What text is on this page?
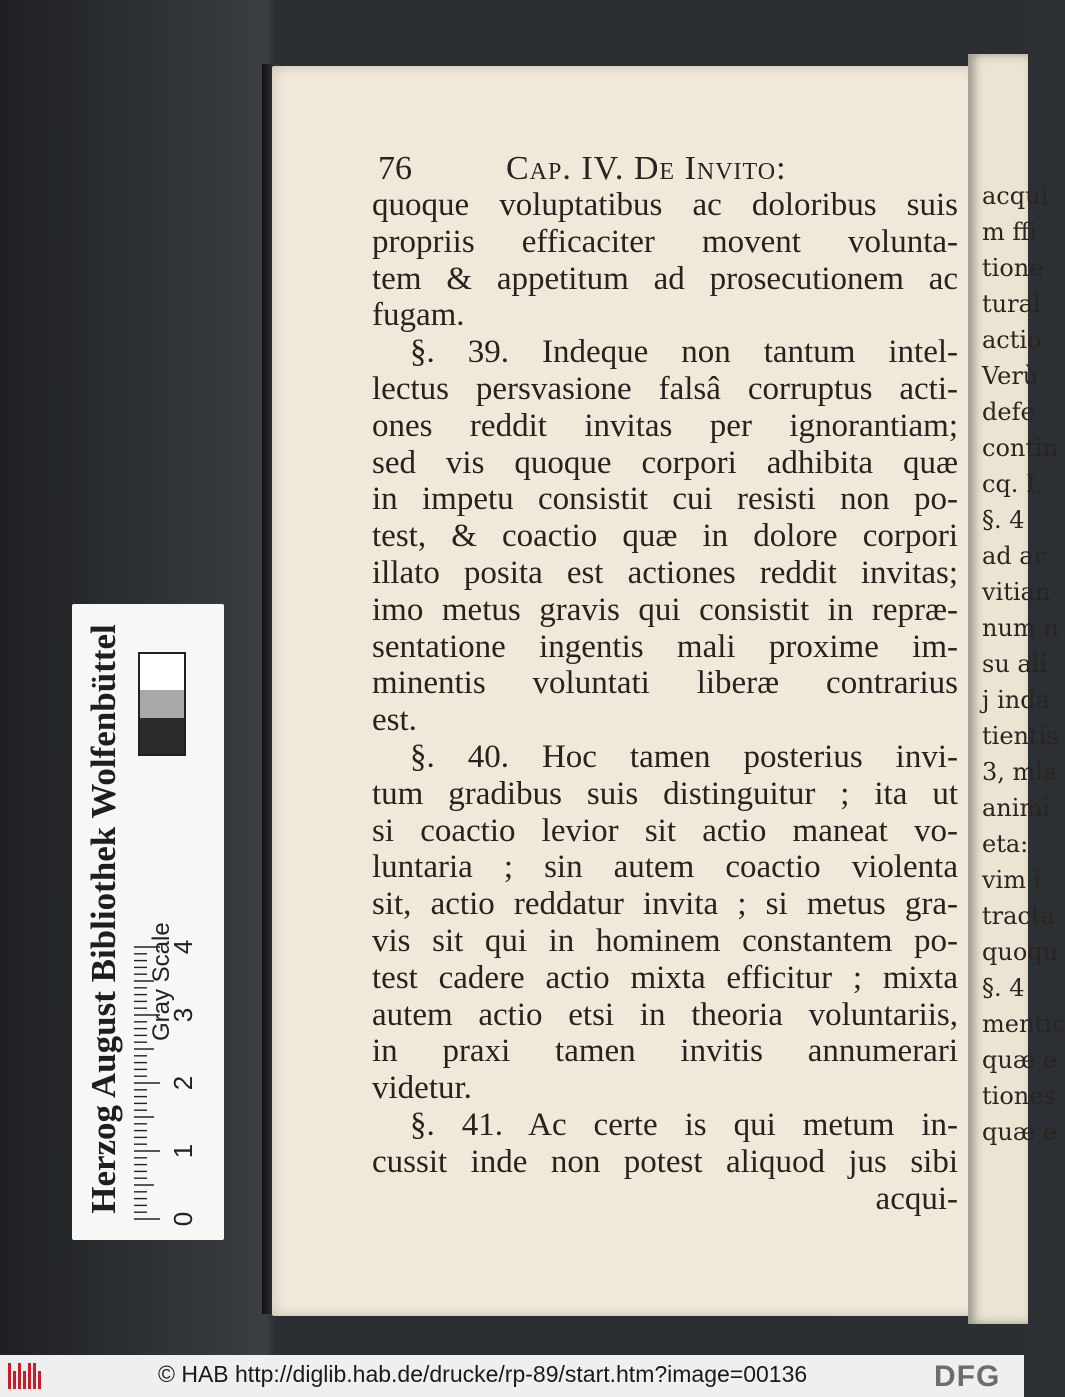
acqui
m ffi
tione
tural
actio
Verù
defe
contin
cq. I.
§. 4
ad ar
vitian
num n
su ali
j inda
tientis
3, mla
animi
eta:
vim i
tracta
quoqu
§. 4
mentic
quæ e
tiones
quæ e
76	Cap. IV. De Invito:
quoque voluptatibus ac doloribus suis
propriis efficaciter movent volunta-
tem & appetitum ad prosecutionem ac
fugam.
§. 39. Indeque non tantum intel-
lectus persvasione falsâ corruptus acti-
ones reddit invitas per ignorantiam;
sed vis quoque corpori adhibita quæ
in impetu consistit cui resisti non po-
test, & coactio quæ in dolore corpori
illato posita est actiones reddit invitas;
imo metus gravis qui consistit in repræ-
sentatione ingentis mali proxime im-
minentis voluntati liberæ contrarius
est.
§. 40. Hoc tamen posterius invi-
tum gradibus suis distinguitur ; ita ut
si coactio levior sit actio maneat vo-
luntaria ; sin autem coactio violenta
sit, actio reddatur invita ; si metus gra-
vis sit qui in hominem constantem po-
test cadere actio mixta efficitur ; mixta
autem actio etsi in theoria voluntariis,
in praxi tamen invitis annumerari
videtur.
§. 41. Ac certe is qui metum in-
cussit inde non potest aliquod jus sibi
acqui-
Herzog August Bibliothek Wolfenbüttel Gray Scale
0
1
2
3
4
© HAB http://diglib.hab.de/drucke/rp-89/start.htm?image=00136	DFG
